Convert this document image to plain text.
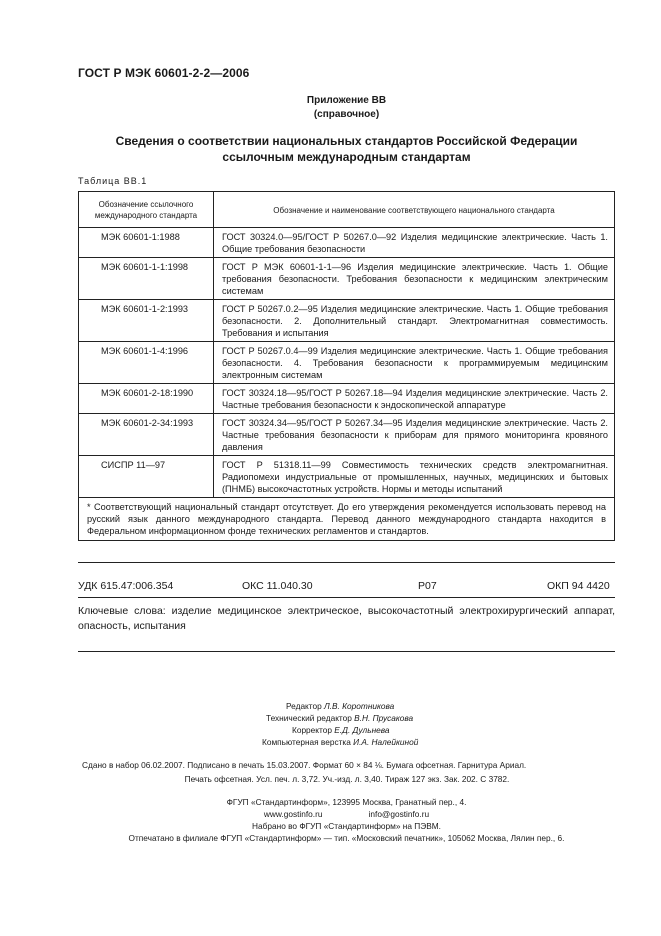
ГОСТ Р МЭК 60601-2-2—2006
Приложение ВВ
(справочное)
Сведения о соответствии национальных стандартов Российской Федерации
ссылочным международным стандартам
Таблица ВВ.1
Обозначение ссылочного международного стандарта	Обозначение и наименование соответствующего национального стандарта
МЭК 60601-1:1988	ГОСТ 30324.0—95/ГОСТ Р 50267.0—92 Изделия медицинские электрические. Часть 1. Общие требования безопасности
МЭК 60601-1-1:1998	ГОСТ Р МЭК 60601-1-1—96 Изделия медицинские электрические. Часть 1. Общие требования безопасности. Требования безопасности к медицинским электрическим системам
МЭК 60601-1-2:1993	ГОСТ Р 50267.0.2—95 Изделия медицинские электрические. Часть 1. Общие требования безопасности. 2. Дополнительный стандарт. Электромагнитная совместимость. Требования и испытания
МЭК 60601-1-4:1996	ГОСТ Р 50267.0.4—99 Изделия медицинские электрические. Часть 1. Общие требования безопасности. 4. Требования безопасности к программируемым медицинским электронным системам
МЭК 60601-2-18:1990	ГОСТ 30324.18—95/ГОСТ Р 50267.18—94 Изделия медицинские электрические. Часть 2. Частные требования безопасности к эндоскопической аппаратуре
МЭК 60601-2-34:1993	ГОСТ 30324.34—95/ГОСТ Р 50267.34—95 Изделия медицинские электрические. Часть 2. Частные требования безопасности к приборам для прямого мониторинга кровяного давления
СИСПР 11—97	ГОСТ Р 51318.11—99 Совместимость технических средств электромагнитная. Радиопомехи индустриальные от промышленных, научных, медицинских и бытовых (ПНМБ) высокочастотных устройств. Нормы и методы испытаний
* Соответствующий национальный стандарт отсутствует. До его утверждения рекомендуется использовать перевод на русский язык данного международного стандарта. Перевод данного международного стандарта находится в Федеральном информационном фонде технических регламентов и стандартов.	
УДК 615.47:006.354	ОКС 11.040.30	Р07	ОКП 94 4420
Ключевые слова: изделие медицинское электрическое, высокочастотный электрохирургический аппарат, опасность, испытания
Редактор Л.В. Коротникова
Технический редактор В.Н. Прусакова
Корректор Е.Д. Дульнева
Компьютерная верстка И.А. Налейкиной
Сдано в набор 06.02.2007. Подписано в печать 15.03.2007. Формат 60 × 84 ⅛. Бумага офсетная. Гарнитура Ариал.
Печать офсетная. Усл. печ. л. 3,72. Уч.-изд. л. 3,40. Тираж 127 экз. Зак. 202. С 3782.
ФГУП «Стандартинформ», 123995 Москва, Гранатный пер., 4.
www.gostinfo.ru                    info@gostinfo.ru
Набрано во ФГУП «Стандартинформ» на ПЭВМ.
Отпечатано в филиале ФГУП «Стандартинформ» — тип. «Московский печатник», 105062 Москва, Лялин пер., 6.
